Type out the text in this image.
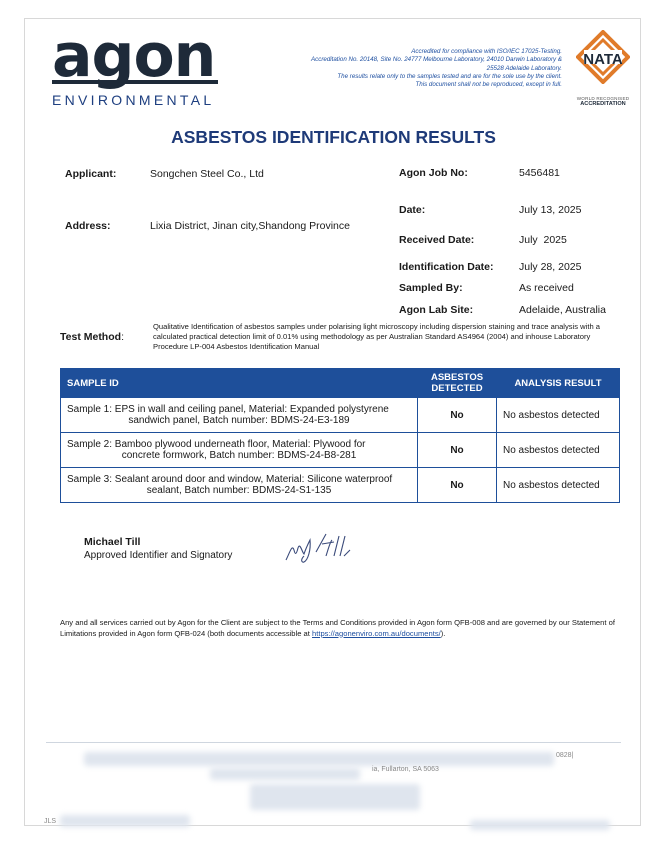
agon
ENVIRONMENTAL
Accredited for compliance with ISO/IEC 17025-Testing.
Accreditation No. 20148, Site No. 24777 Melbourne Laboratory, 24010 Darwin Laboratory &
25528 Adelaide Laboratory.
The results relate only to the samples tested and are for the sole use by the client.
This document shall not be reproduced, except in full.
NATA
WORLD RECOGNISED
ACCREDITATION
ASBESTOS IDENTIFICATION RESULTS
Applicant:	Songchen Steel Co., Ltd
Address:	Lixia District, Jinan city,Shandong Province
Agon Job No:	5456481
Date:	July 13, 2025
Received Date:	July  2025
Identification Date: July 28, 2025
Sampled By:	As received
Agon Lab Site:	Adelaide, Australia
Test Method:
Qualitative Identification of asbestos samples under polarising light microscopy including dispersion staining and trace analysis with a calculated practical detection limit of 0.01% using methodology as per Australian Standard AS4964 (2004) and inhouse Laboratory Procedure LP-004 Asbestos Identification Manual
SAMPLE ID	ASBESTOS DETECTED	ANALYSIS RESULT

Sample 1: EPS in wall and ceiling panel, Material: Expanded polystyrene
sandwich panel, Batch number: BDMS-24-E3-189	No	No asbestos detected

Sample 2: Bamboo plywood underneath floor, Material: Plywood for
concrete formwork, Batch number: BDMS-24-B8-281	No	No asbestos detected

Sample 3: Sealant around door and window, Material: Silicone waterproof
sealant, Batch number: BDMS-24-S1-135	No	No asbestos detected
Michael Till
Approved Identifier and Signatory
Any and all services carried out by Agon for the Client are subject to the Terms and Conditions provided in Agon form QFB-008 and are governed by our Statement of Limitations provided in Agon form QFB-024 (both documents accessible at https://agonenviro.com.au/documents/).
0828|
ia, Fullarton, SA 5063
JLS
